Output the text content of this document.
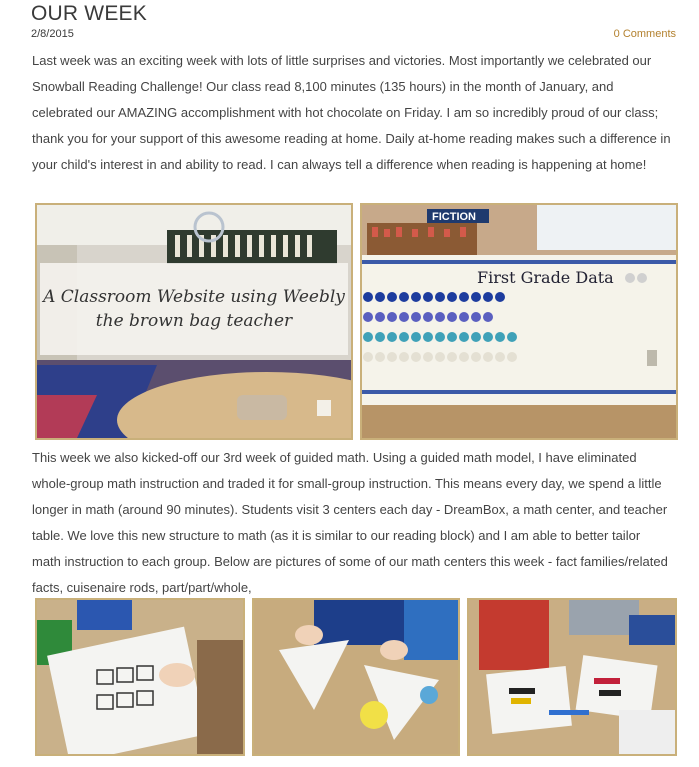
OUR WEEK
2/8/2015	0 Comments
Last week was an exciting week with lots of little surprises and victories. Most importantly we celebrated our Snowball Reading Challenge! Our class read 8,100 minutes (135 hours) in the month of January, and celebrated our AMAZING accomplishment with hot chocolate on Friday. I am so incredibly proud of our class; thank you for your support of this awesome reading at home. Daily at-home reading makes such a difference in your child's interest in and ability to read. I can always tell a difference when reading is happening at home!
A Classroom Website using Weebly
the brown bag teacher
FICTION
First Grade Data
This week we also kicked-off our 3rd week of guided math. Using a guided math model, I have eliminated whole-group math instruction and traded it for small-group instruction. This means every day, we spend a little longer in math (around 90 minutes). Students visit 3 centers each day - DreamBox, a math center, and teacher table. We love this new structure to math (as it is similar to our reading block) and I am able to better tailor math instruction to each group. Below are pictures of some of our math centers this week - fact families/related facts, cuisenaire rods, part/part/whole,
